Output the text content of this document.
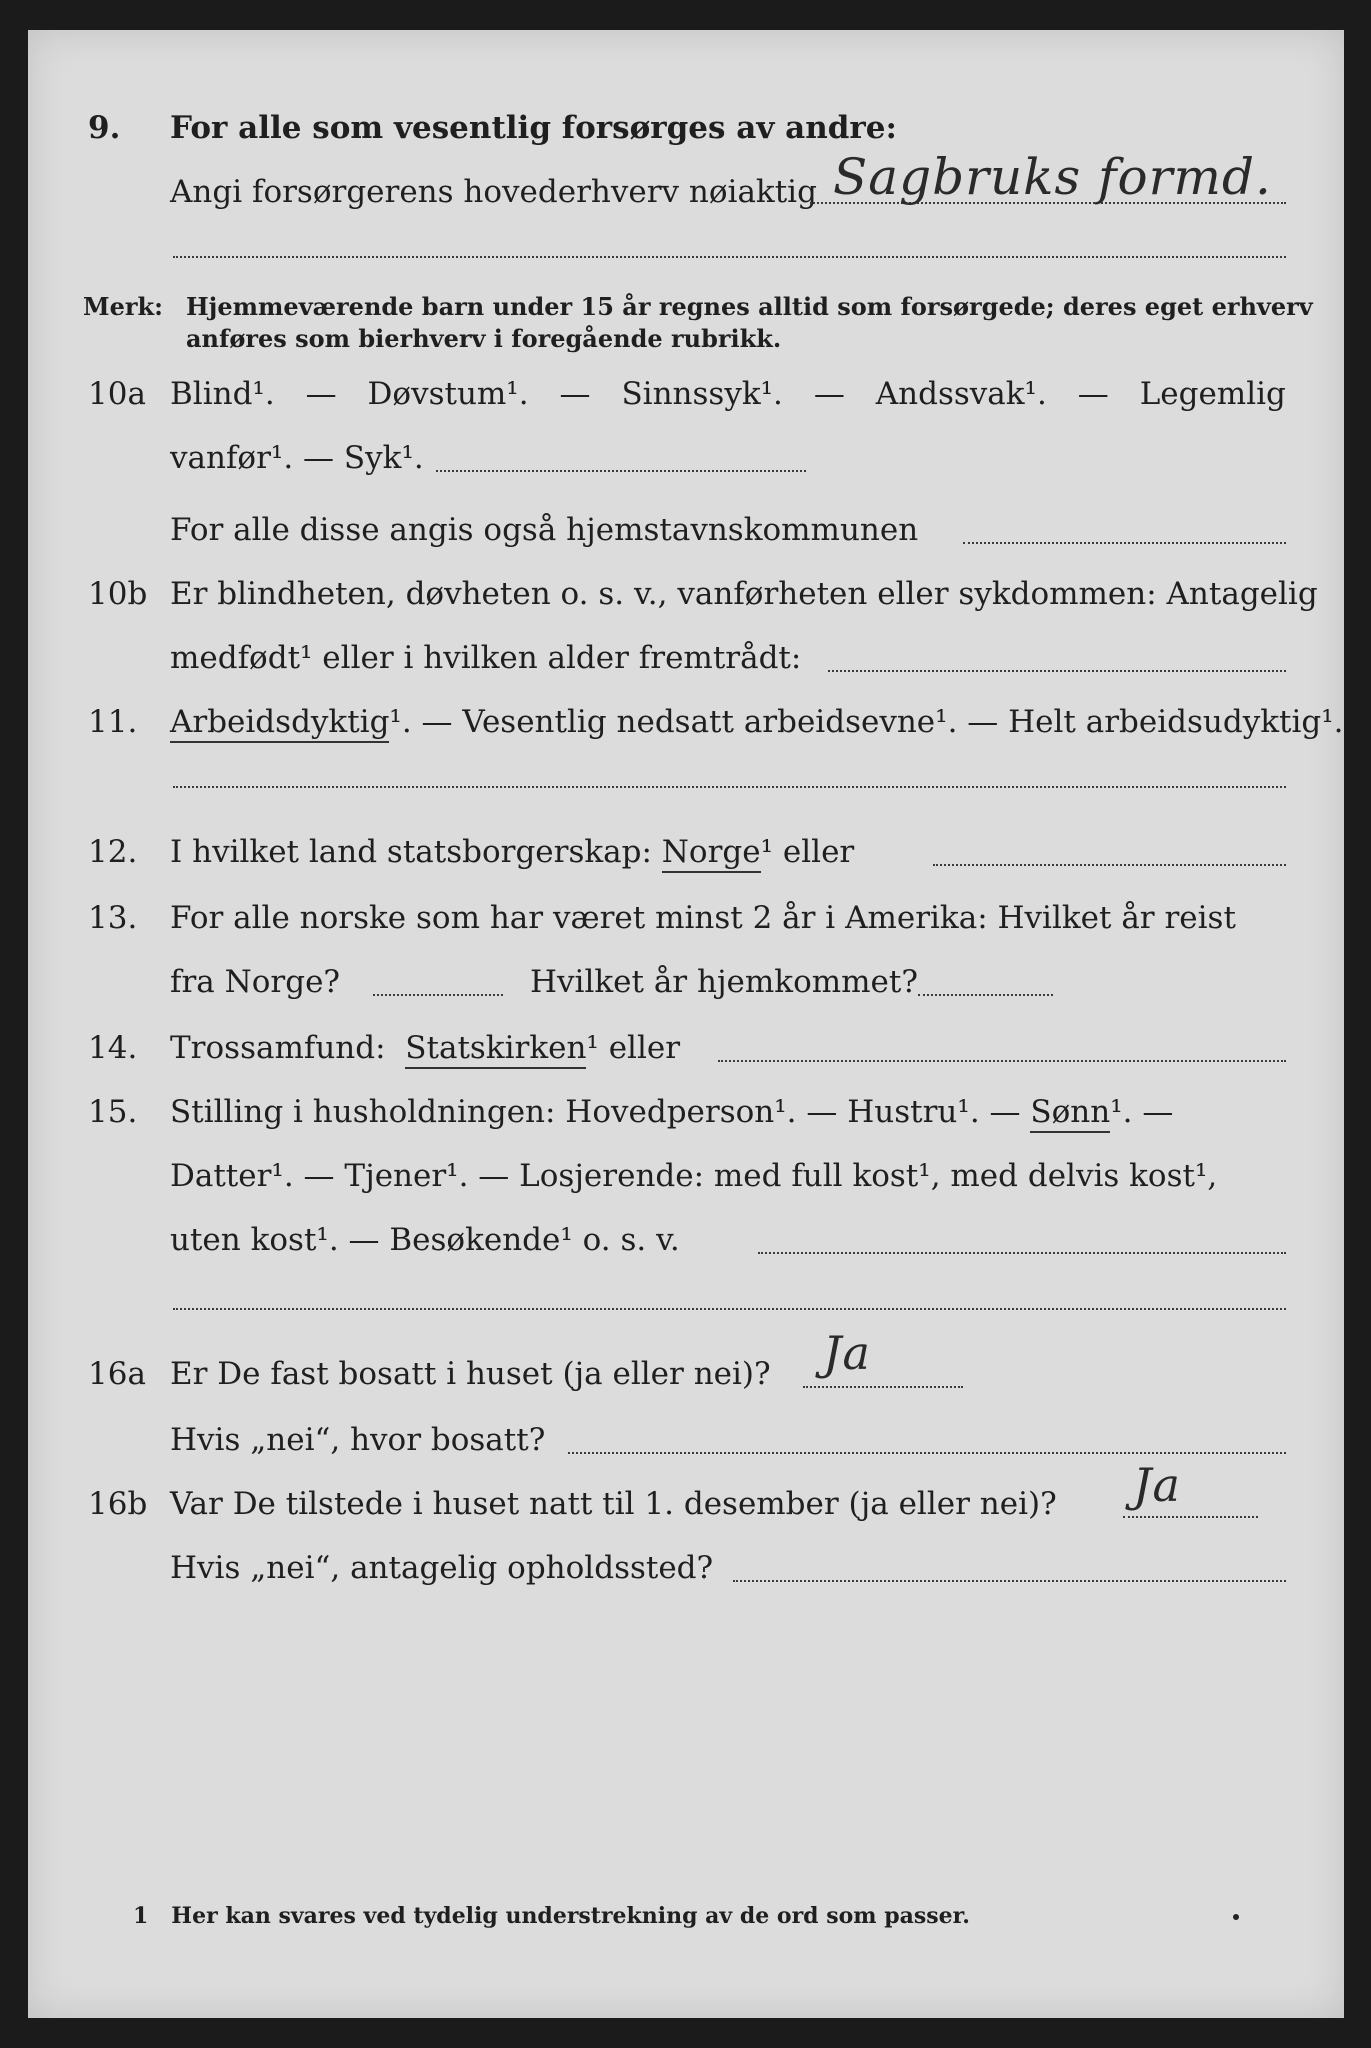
9. For alle som vesentlig forsørges av andre:
Angi forsørgerens hovederhverv nøiaktig Sagbruks formd.
Merk: Hjemmeværende barn under 15 år regnes alltid som forsørgede; deres eget erhverv
anføres som bierhverv i foregående rubrikk.
10a Blind¹. — Døvstum¹. — Sinnssyk¹. — Andssvak¹. — Legemlig
vanfør¹. — Syk¹.
For alle disse angis også hjemstavnskommunen
10b Er blindheten, døvheten o. s. v., vanførheten eller sykdommen: Antagelig
medfødt¹ eller i hvilken alder fremtrådt:
11. Arbeidsdyktig¹. — Vesentlig nedsatt arbeidsevne¹. — Helt arbeidsudyktig¹.
12. I hvilket land statsborgerskap: Norge¹ eller
13. For alle norske som har været minst 2 år i Amerika: Hvilket år reist
fra Norge?	Hvilket år hjemkommet?
14. Trossamfund: Statskirken¹ eller
15. Stilling i husholdningen: Hovedperson¹. — Hustru¹. — Sønn¹. —
Datter¹. — Tjener¹. — Losjerende: med full kost¹, med delvis kost¹,
uten kost¹. — Besøkende¹ o. s. v.
16a Er De fast bosatt i huset (ja eller nei)? Ja
Hvis „nei“, hvor bosatt?
16b Var De tilstede i huset natt til 1. desember (ja eller nei)? Ja
Hvis „nei“, antagelig opholdssted?
1 Her kan svares ved tydelig understrekning av de ord som passer.
